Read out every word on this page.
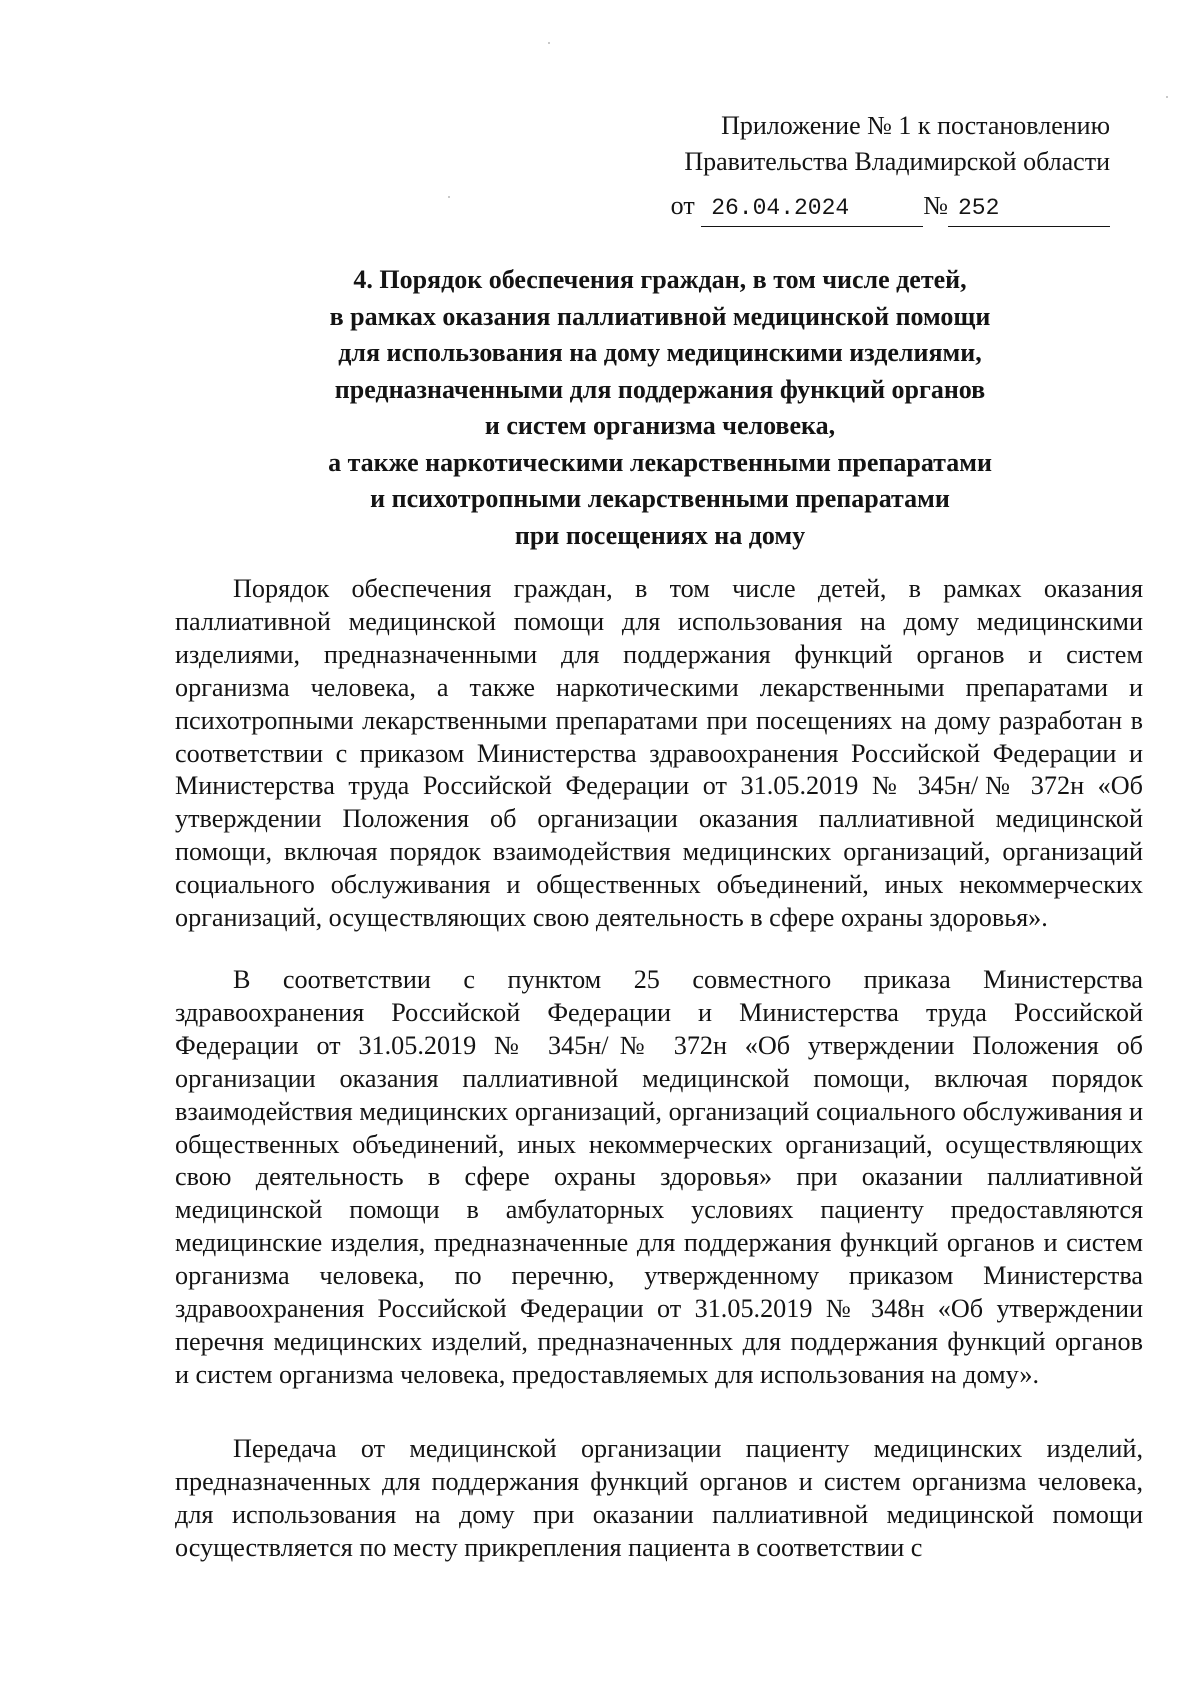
Приложение № 1 к постановлению
Правительства Владимирской области
от 26.04.2024	№ 252
4. Порядок обеспечения граждан, в том числе детей,
в рамках оказания паллиативной медицинской помощи
для использования на дому медицинскими изделиями,
предназначенными для поддержания функций органов
и систем организма человека,
а также наркотическими лекарственными препаратами
и психотропными лекарственными препаратами
при посещениях на дому

Порядок обеспечения граждан, в том числе детей, в рамках оказания паллиативной медицинской помощи для использования на дому медицинскими изделиями, предназначенными для поддержания функций органов и систем организма человека, а также наркотическими лекарственными препаратами и психотропными лекарственными препаратами при посещениях на дому разработан в соответствии с приказом Министерства здравоохранения Российской Федерации и Министерства труда Российской Федерации от 31.05.2019 № 345н/№ 372н «Об утверждении Положения об организации оказания паллиативной медицинской помощи, включая порядок взаимодействия медицинских организаций, организаций социального обслуживания и общественных объединений, иных некоммерческих организаций, осуществляющих свою деятельность в сфере охраны здоровья».

В соответствии с пунктом 25 совместного приказа Министерства здравоохранения Российской Федерации и Министерства труда Российской Федерации от 31.05.2019 № 345н/№ 372н «Об утверждении Положения об организации оказания паллиативной медицинской помощи, включая порядок взаимодействия медицинских организаций, организаций социального обслуживания и общественных объединений, иных некоммерческих организаций, осуществляющих свою деятельность в сфере охраны здоровья» при оказании паллиативной медицинской помощи в амбулаторных условиях пациенту предоставляются медицинские изделия, предназначенные для поддержания функций органов и систем организма человека, по перечню, утвержденному приказом Министерства здравоохранения Российской Федерации от 31.05.2019 № 348н «Об утверждении перечня медицинских изделий, предназначенных для поддержания функций органов и систем организма человека, предоставляемых для использования на дому».

Передача от медицинской организации пациенту медицинских изделий, предназначенных для поддержания функций органов и систем организма человека, для использования на дому при оказании паллиативной медицинской помощи осуществляется по месту прикрепления пациента в соответствии с
